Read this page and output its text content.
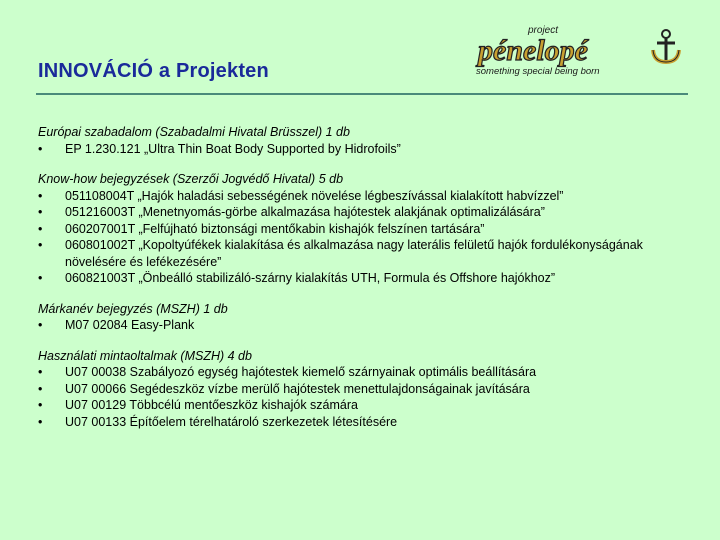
INNOVÁCIÓ a Projekten
project
pénelopé
something special being born
Európai szabadalom (Szabadalmi Hivatal Brüsszel) 1 db
•	EP 1.230.121 „Ultra Thin Boat Body Supported by Hidrofoils”
Know-how bejegyzések (Szerzői Jogvédő Hivatal) 5 db
•	051108004T „Hajók haladási sebességének növelése légbeszívással kialakított habvízzel”
•	051216003T „Menetnyomás-görbe alkalmazása hajótestek alakjának optimalizálására”
•	060207001T „Felfújható biztonsági mentőkabin kishajók felszínen tartására”
•	060801002T „Kopoltyúfékek kialakítása és alkalmazása nagy laterális felületű hajók fordulékonyságának növelésére és lefékezésére”
•	060821003T „Önbeálló stabilizáló-szárny kialakítás UTH, Formula és Offshore hajókhoz”
Márkanév bejegyzés (MSZH) 1 db
•	M07 02084 Easy-Plank
Használati mintaoltalmak (MSZH) 4 db
•	U07 00038 Szabályozó egység hajótestek kiemelő szárnyainak optimális beállítására
•	U07 00066 Segédeszköz vízbe merülő hajótestek menettulajdonságainak javítására
•	U07 00129 Többcélú mentőeszköz kishajók számára
•	U07 00133 Építőelem térelhatároló szerkezetek létesítésére
